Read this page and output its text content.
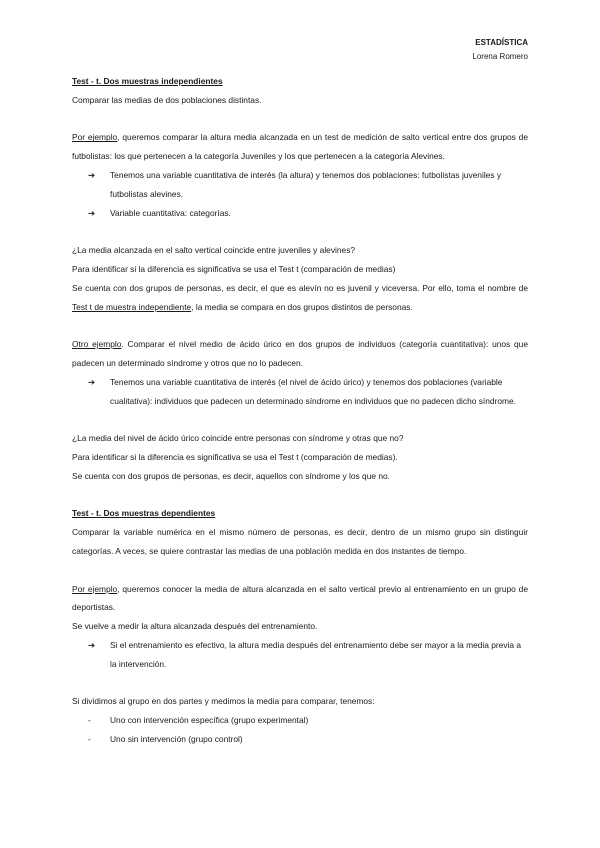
ESTADÍSTICA
Lorena Romero

Test - t. Dos muestras independientes

Comparar las medias de dos poblaciones distintas.

Por ejemplo, queremos comparar la altura media alcanzada en un test de medición de salto vertical entre dos grupos de futbolistas: los que pertenecen a la categoría Juveniles y los que pertenecen a la categoría Alevines.

➔	Tenemos una variable cuantitativa de interés (la altura) y tenemos dos poblaciones: futbolistas juveniles y futbolistas alevines.
➔	Variable cuantitativa: categorías.

¿La media alcanzada en el salto vertical coincide entre juveniles y alevines?

Para identificar si la diferencia es significativa se usa el Test t (comparación de medias)

Se cuenta con dos grupos de personas, es decir, el que es alevín no es juvenil y viceversa. Por ello, toma el nombre de Test t de muestra independiente, la media se compara en dos grupos distintos de personas.

Otro ejemplo. Comparar el nivel medio de ácido úrico en dos grupos de individuos (categoría cuantitativa): unos que padecen un determinado síndrome y otros que no lo padecen.

➔	Tenemos una variable cuantitativa de interés (el nivel de ácido úrico) y tenemos dos poblaciones (variable cualitativa): individuos que padecen un determinado síndrome en individuos que no padecen dicho síndrome.

¿La media del nivel de ácido úrico coincide entre personas con síndrome y otras que no?

Para identificar si la diferencia es significativa se usa el Test t (comparación de medias).

Se cuenta con dos grupos de personas, es decir, aquellos con síndrome y los que no.

Test - t. Dos muestras dependientes

Comparar la variable numérica en el mismo número de personas, es decir, dentro de un mismo grupo sin distinguir categorías. A veces, se quiere contrastar las medias de una población medida en dos instantes de tiempo.

Por ejemplo, queremos conocer la media de altura alcanzada en el salto vertical previo al entrenamiento en un grupo de deportistas.

Se vuelve a medir la altura alcanzada después del entrenamiento.

➔	Si el entrenamiento es efectivo, la altura media después del entrenamiento debe ser mayor a la media previa a la intervención.

Si dividimos al grupo en dos partes y medimos la media para comparar, tenemos:

-	Uno con intervención específica (grupo experimental)
-	Uno sin intervención (grupo control)
